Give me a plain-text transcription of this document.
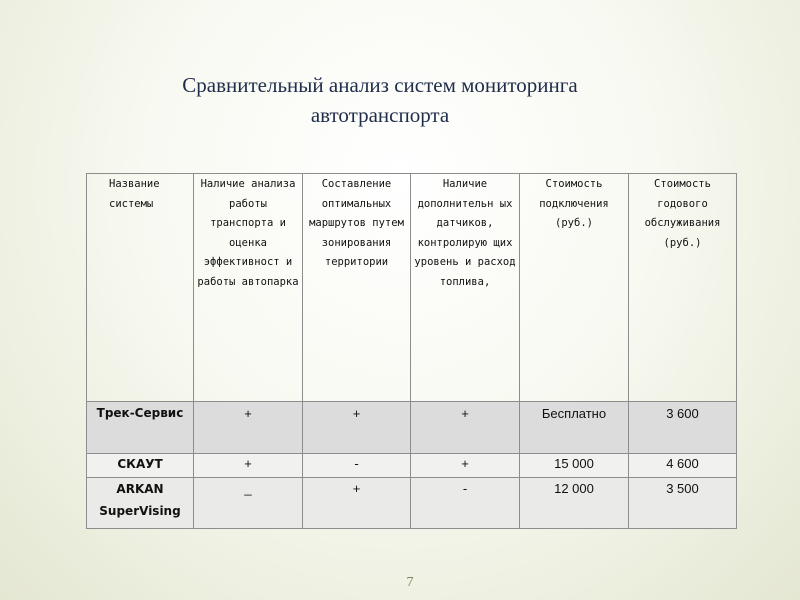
Сравнительный анализ систем мониторинга
автотранспорта
Название системы	Наличие анализа работы транспорта и оценка эффективност и работы автопарка	Составление оптимальных маршрутов путем зонирования территории	Наличие дополнительн ых датчиков, контролирую щих уровень и расход топлива,	Стоимость подключения (руб.)	Стоимость годового обслуживания (руб.)
Трек-Сервис	+	+	+	Бесплатно	3 600
СКАУТ	+	-	+	15 000	4 600
ARKAN SuperVising	_	+	-	12 000	3 500
7
